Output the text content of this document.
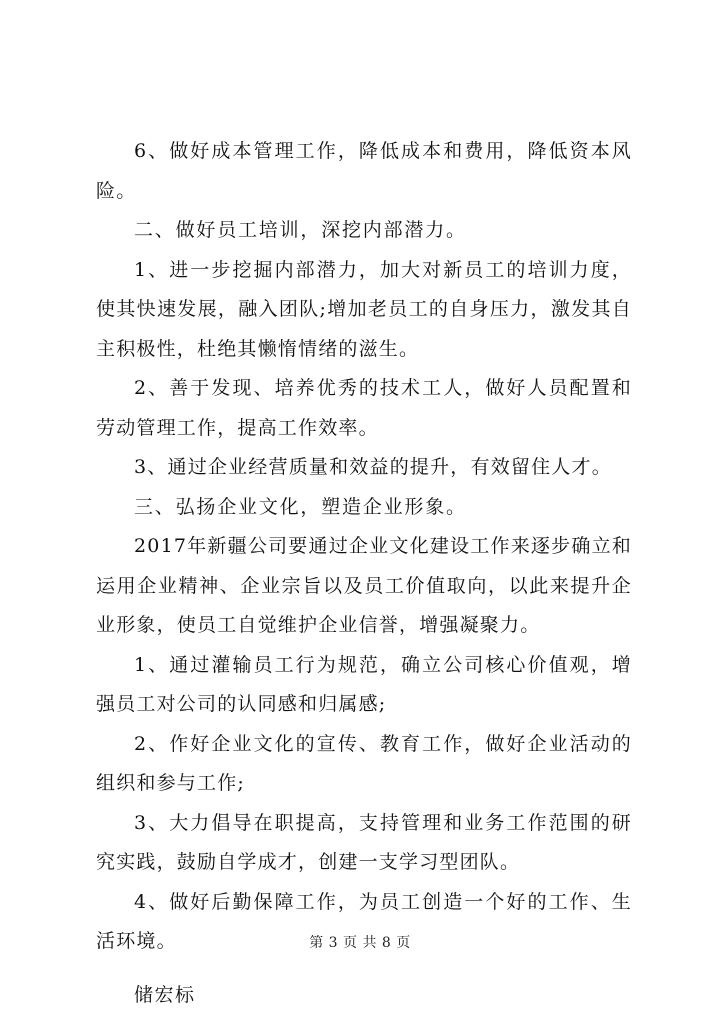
6、做好成本管理工作，降低成本和费用，降低资本风险。

二、做好员工培训，深挖内部潜力。

1、进一步挖掘内部潜力，加大对新员工的培训力度，使其快速发展，融入团队;增加老员工的自身压力，激发其自主积极性，杜绝其懒惰情绪的滋生。

2、善于发现、培养优秀的技术工人，做好人员配置和劳动管理工作，提高工作效率。

3、通过企业经营质量和效益的提升，有效留住人才。

三、弘扬企业文化，塑造企业形象。

2017年新疆公司要通过企业文化建设工作来逐步确立和运用企业精神、企业宗旨以及员工价值取向，以此来提升企业形象，使员工自觉维护企业信誉，增强凝聚力。

1、通过灌输员工行为规范，确立公司核心价值观，增强员工对公司的认同感和归属感;

2、作好企业文化的宣传、教育工作，做好企业活动的组织和参与工作;

3、大力倡导在职提高，支持管理和业务工作范围的研究实践，鼓励自学成才，创建一支学习型团队。

4、做好后勤保障工作，为员工创造一个好的工作、生活环境。

储宏标

第 3 页 共 8 页
